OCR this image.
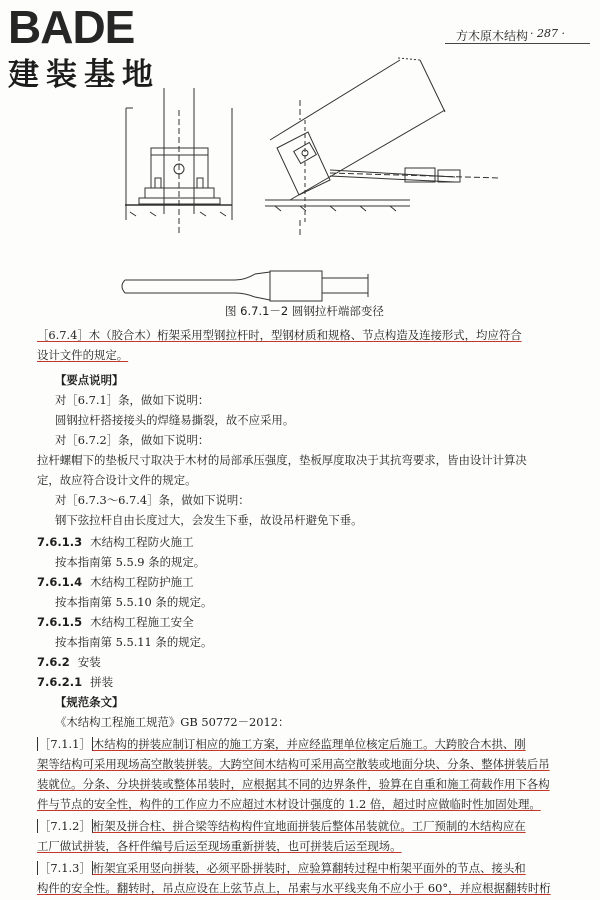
BADE
建装基地
方木原木结构 · 287 ·
图 6.7.1－2 圆钢拉杆端部变径
［6.7.4］木（胶合木）桁架采用型钢拉杆时，型钢材质和规格、节点构造及连接形式，均应符合
设计文件的规定。
【要点说明】
对［6.7.1］条，做如下说明：
圆钢拉杆搭接接头的焊缝易撕裂，故不应采用。
对［6.7.2］条，做如下说明：
拉杆螺帽下的垫板尺寸取决于木材的局部承压强度，垫板厚度取决于其抗弯要求，皆由设计计算决
定，故应符合设计文件的规定。
对［6.7.3～6.7.4］条，做如下说明：
钢下弦拉杆自由长度过大，会发生下垂，故设吊杆避免下垂。
7.6.1.3 木结构工程防火施工
按本指南第 5.5.9 条的规定。
7.6.1.4 木结构工程防护施工
按本指南第 5.5.10 条的规定。
7.6.1.5 木结构工程施工安全
按本指南第 5.5.11 条的规定。
7.6.2 安装
7.6.2.1 拼装
【规范条文】
《木结构工程施工规范》GB 50772－2012：
［7.1.1］ 木结构的拼装应制订相应的施工方案，并应经监理单位核定后施工。大跨胶合木拱、刚
架等结构可采用现场高空散装拼装。大跨空间木结构可采用高空散装或地面分块、分条、整体拼装后吊
装就位。分条、分块拼装或整体吊装时，应根据其不同的边界条件，验算在自重和施工荷载作用下各构
件与节点的安全性，构件的工作应力不应超过木材设计强度的 1.2 倍，超过时应做临时性加固处理。
［7.1.2］ 桁架及拼合柱、拼合梁等结构构件宜地面拼装后整体吊装就位。工厂预制的木结构应在
工厂做试拼装，各杆件编号后运至现场重新拼装，也可拼装后运至现场。
［7.1.3］ 桁架宜采用竖向拼装，必须平卧拼装时，应验算翻转过程中桁架平面外的节点、接头和
构件的安全性。翻转时，吊点应设在上弦节点上，吊索与水平线夹角不应小于 60°，并应根据翻转时桁
